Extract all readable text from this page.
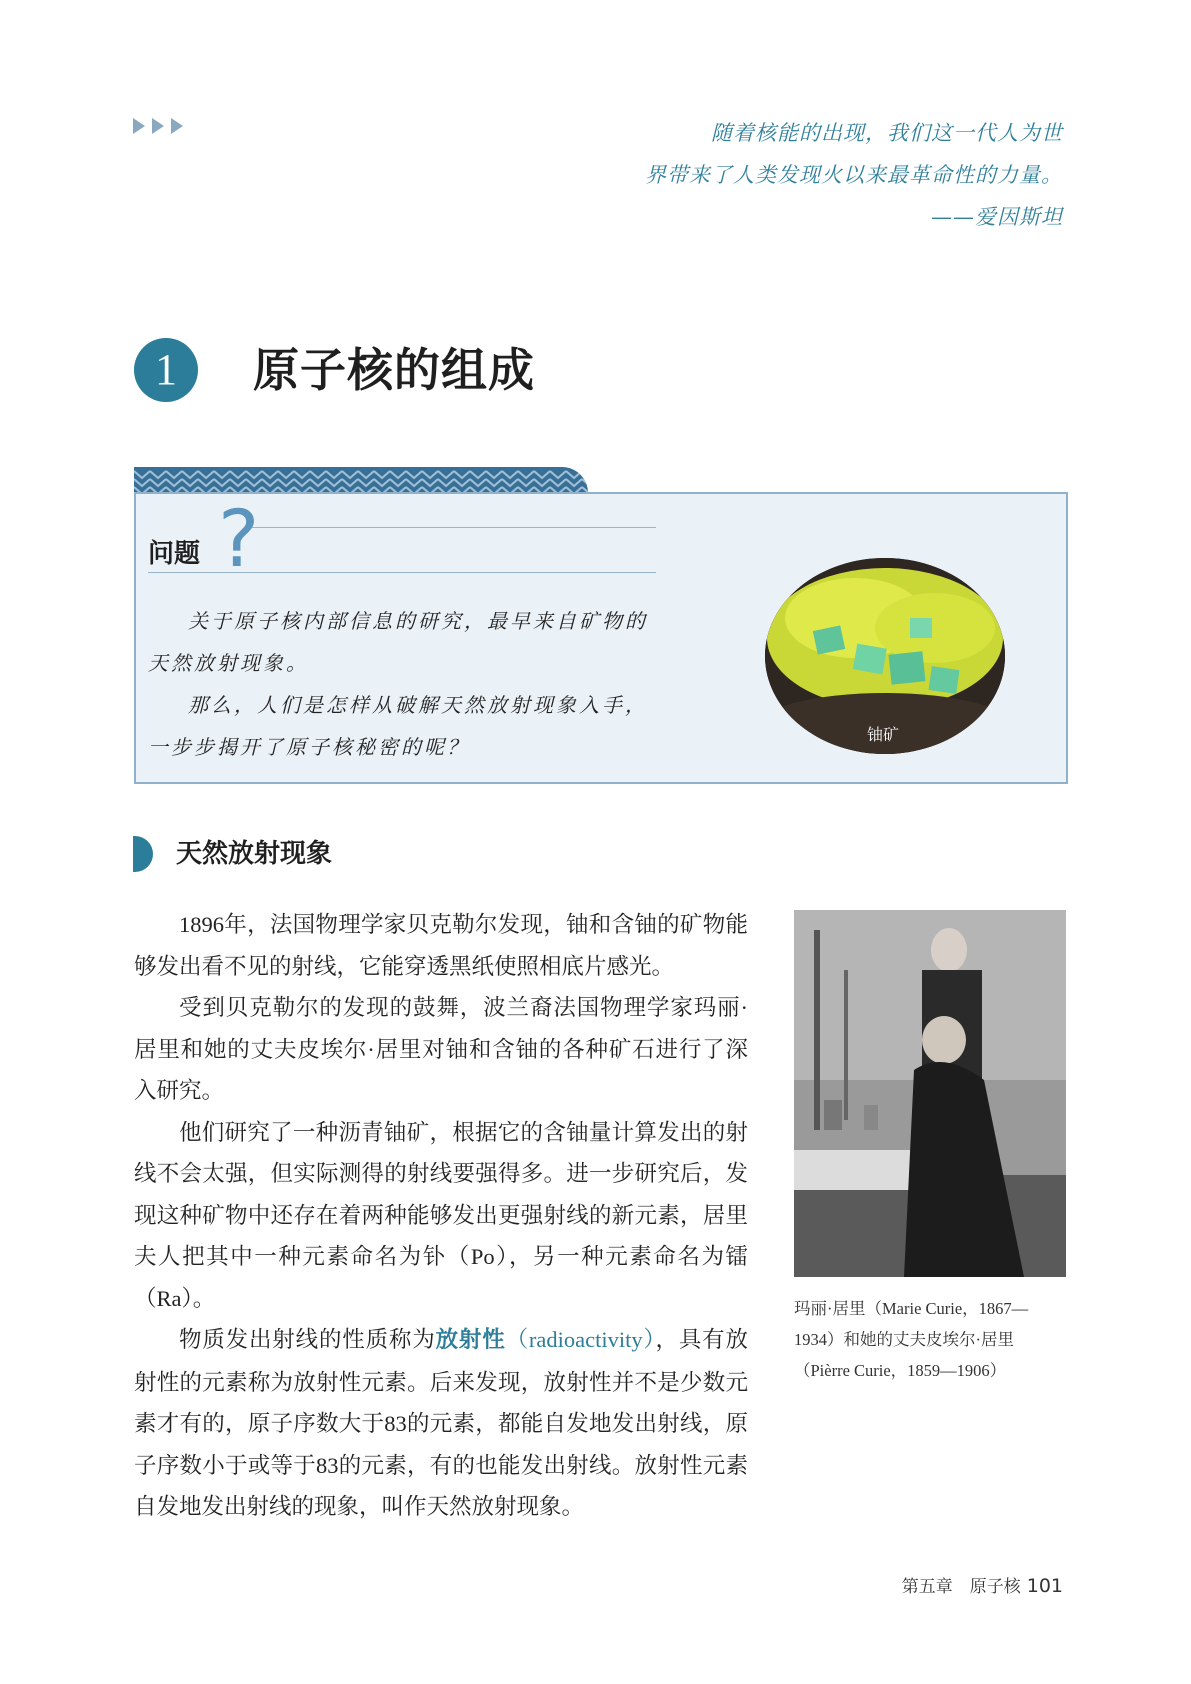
随着核能的出现，我们这一代人为世
界带来了人类发现火以来最革命性的力量。
——爱因斯坦
1	原子核的组成
问题 ?

关于原子核内部信息的研究，最早来自矿物的天然放射现象。

那么，人们是怎样从破解天然放射现象入手，一步步揭开了原子核秘密的呢？

铀矿
天然放射现象

1896年，法国物理学家贝克勒尔发现，铀和含铀的矿物能够发出看不见的射线，它能穿透黑纸使照相底片感光。

受到贝克勒尔的发现的鼓舞，波兰裔法国物理学家玛丽·居里和她的丈夫皮埃尔·居里对铀和含铀的各种矿石进行了深入研究。

他们研究了一种沥青铀矿，根据它的含铀量计算发出的射线不会太强，但实际测得的射线要强得多。进一步研究后，发现这种矿物中还存在着两种能够发出更强射线的新元素，居里夫人把其中一种元素命名为钋（Po），另一种元素命名为镭（Ra）。

物质发出射线的性质称为放射性（radioactivity），具有放射性的元素称为放射性元素。后来发现，放射性并不是少数元素才有的，原子序数大于83的元素，都能自发地发出射线，原子序数小于或等于83的元素，有的也能发出射线。放射性元素自发地发出射线的现象，叫作天然放射现象。

玛丽·居里（Marie Curie，1867—
1934）和她的丈夫皮埃尔·居里
（Pièrre Curie，1859—1906）
第五章　原子核 101
